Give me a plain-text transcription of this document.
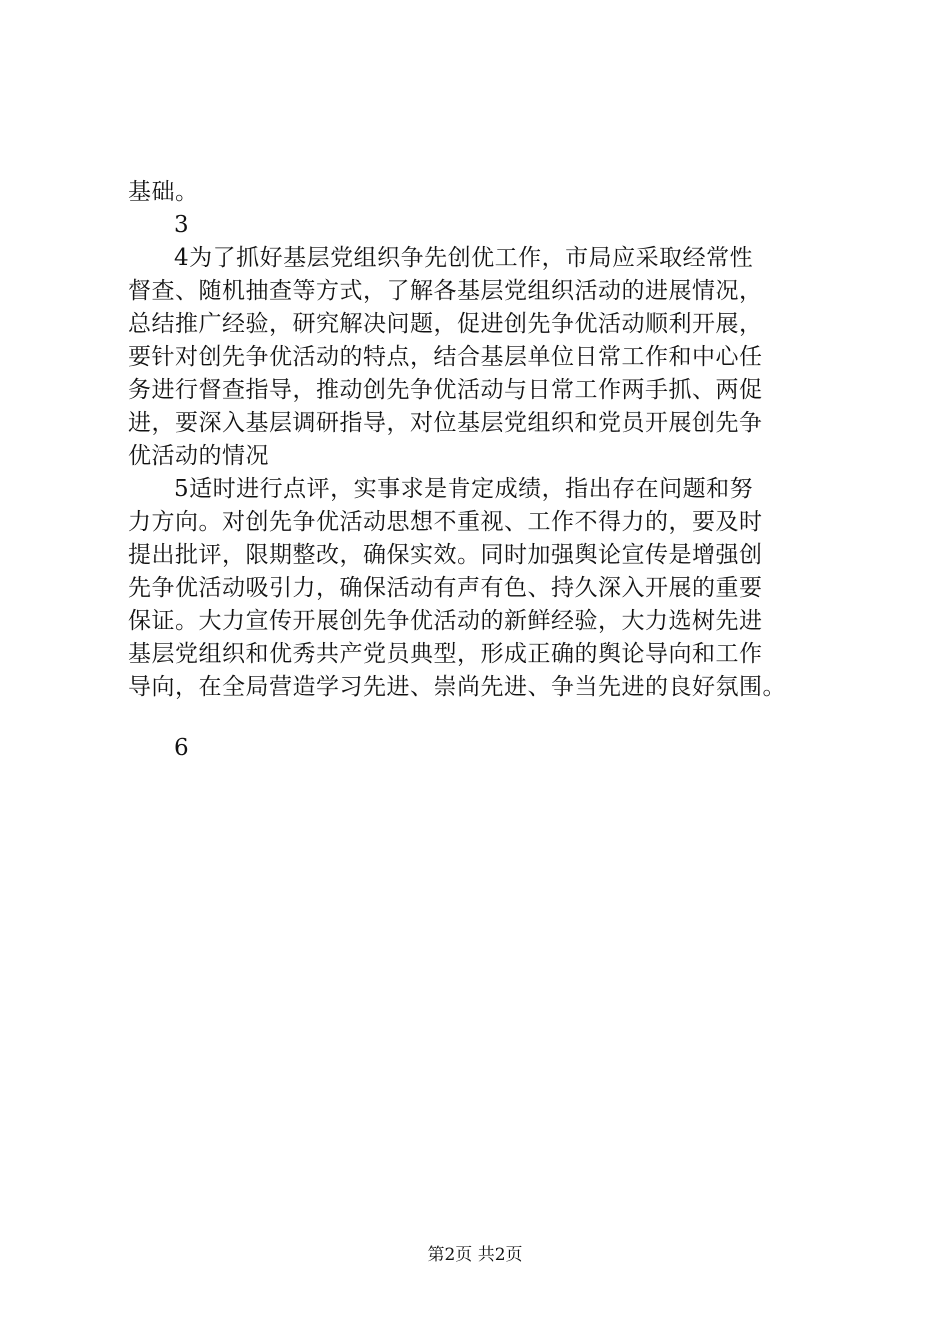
基础。
3
4为了抓好基层党组织争先创优工作，市局应采取经常性
督查、随机抽查等方式，了解各基层党组织活动的进展情况，
总结推广经验，研究解决问题，促进创先争优活动顺利开展，
要针对创先争优活动的特点，结合基层单位日常工作和中心任
务进行督查指导，推动创先争优活动与日常工作两手抓、两促
进，要深入基层调研指导，对位基层党组织和党员开展创先争
优活动的情况
5适时进行点评，实事求是肯定成绩，指出存在问题和努
力方向。对创先争优活动思想不重视、工作不得力的，要及时
提出批评，限期整改，确保实效。同时加强舆论宣传是增强创
先争优活动吸引力，确保活动有声有色、持久深入开展的重要
保证。大力宣传开展创先争优活动的新鲜经验，大力选树先进
基层党组织和优秀共产党员典型，形成正确的舆论导向和工作
导向，在全局营造学习先进、崇尚先进、争当先进的良好氛围。
6
第2页 共2页
